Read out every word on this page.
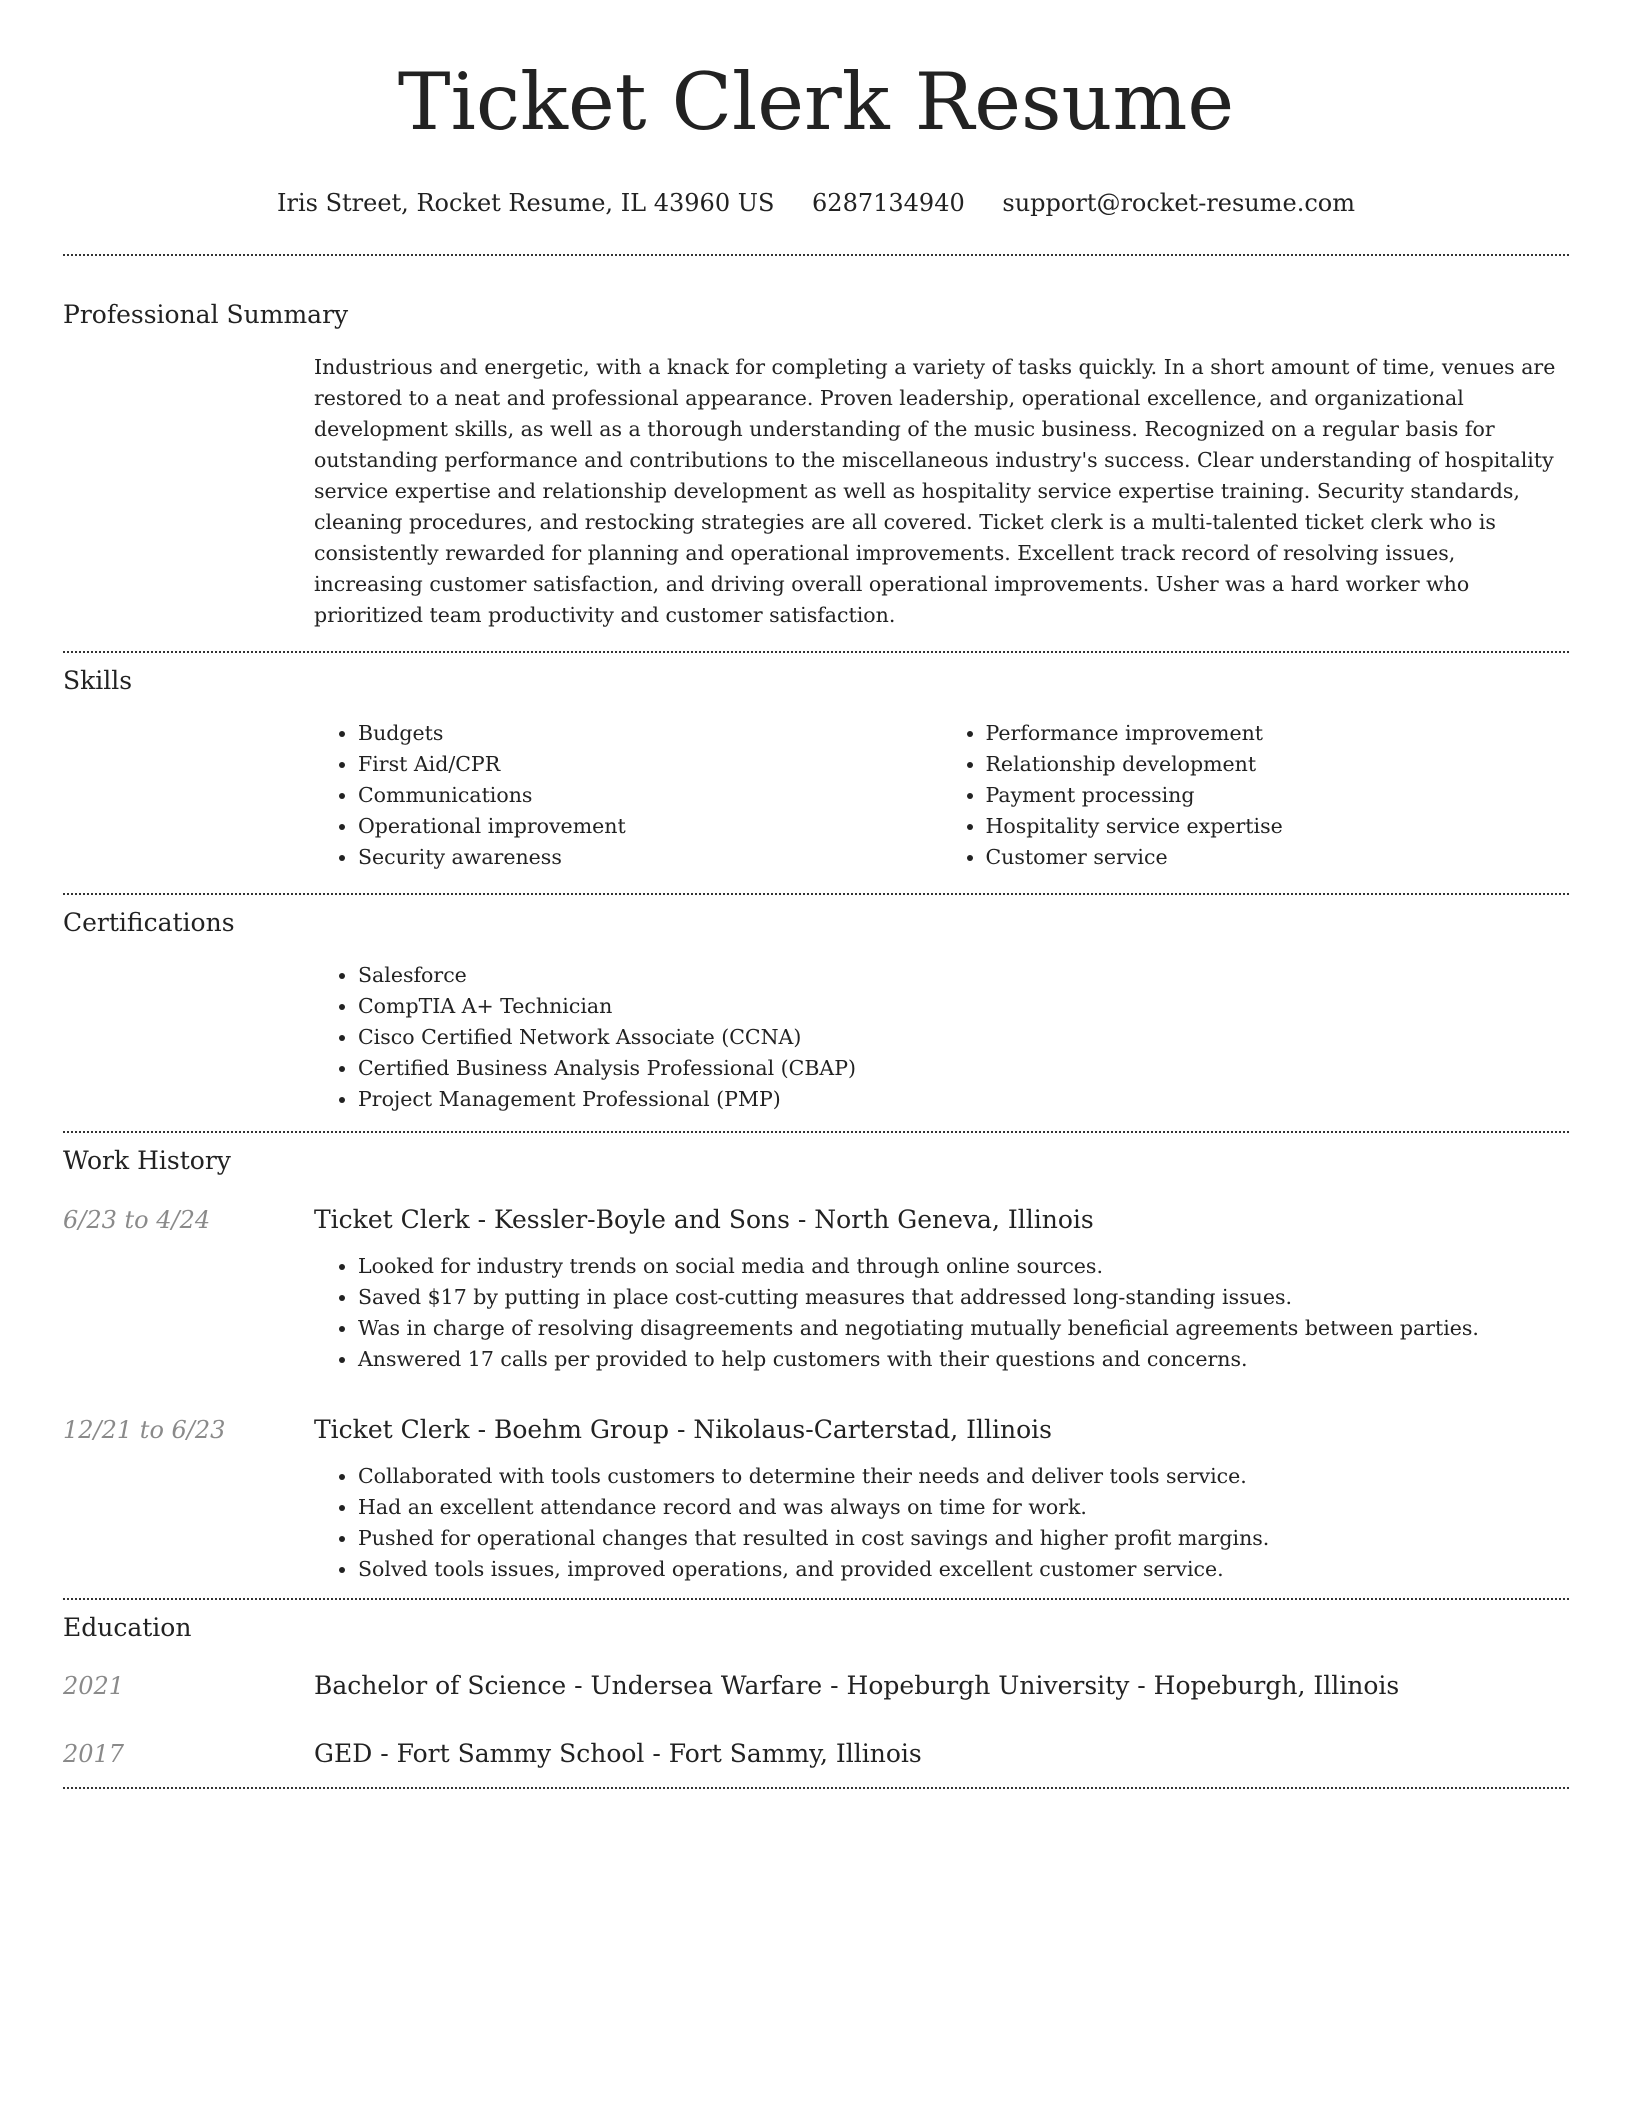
Ticket Clerk Resume
Iris Street, Rocket Resume, IL 43960 US 6287134940 support@rocket-resume.com
Professional Summary

Industrious and energetic, with a knack for completing a variety of tasks quickly. In a short amount of time, venues are restored to a neat and professional appearance. Proven leadership, operational excellence, and organizational development skills, as well as a thorough understanding of the music business. Recognized on a regular basis for outstanding performance and contributions to the miscellaneous industry's success. Clear understanding of hospitality service expertise and relationship development as well as hospitality service expertise training. Security standards, cleaning procedures, and restocking strategies are all covered. Ticket clerk is a multi-talented ticket clerk who is consistently rewarded for planning and operational improvements. Excellent track record of resolving issues, increasing customer satisfaction, and driving overall operational improvements. Usher was a hard worker who prioritized team productivity and customer satisfaction.

Skills
• Budgets
• First Aid/CPR
• Communications
• Operational improvement
• Security awareness
• Performance improvement
• Relationship development
• Payment processing
• Hospitality service expertise
• Customer service
Certifications
• Salesforce
• CompTIA A+ Technician
• Cisco Certified Network Associate (CCNA)
• Certified Business Analysis Professional (CBAP)
• Project Management Professional (PMP)
Work History
6/23 to 4/24	Ticket Clerk - Kessler-Boyle and Sons - North Geneva, Illinois
• Looked for industry trends on social media and through online sources.
• Saved $17 by putting in place cost-cutting measures that addressed long-standing issues.
• Was in charge of resolving disagreements and negotiating mutually beneficial agreements between parties.
• Answered 17 calls per provided to help customers with their questions and concerns.
12/21 to 6/23	Ticket Clerk - Boehm Group - Nikolaus-Carterstad, Illinois
• Collaborated with tools customers to determine their needs and deliver tools service.
• Had an excellent attendance record and was always on time for work.
• Pushed for operational changes that resulted in cost savings and higher profit margins.
• Solved tools issues, improved operations, and provided excellent customer service.
Education
2021	Bachelor of Science - Undersea Warfare - Hopeburgh University - Hopeburgh, Illinois
2017	GED - Fort Sammy School - Fort Sammy, Illinois
